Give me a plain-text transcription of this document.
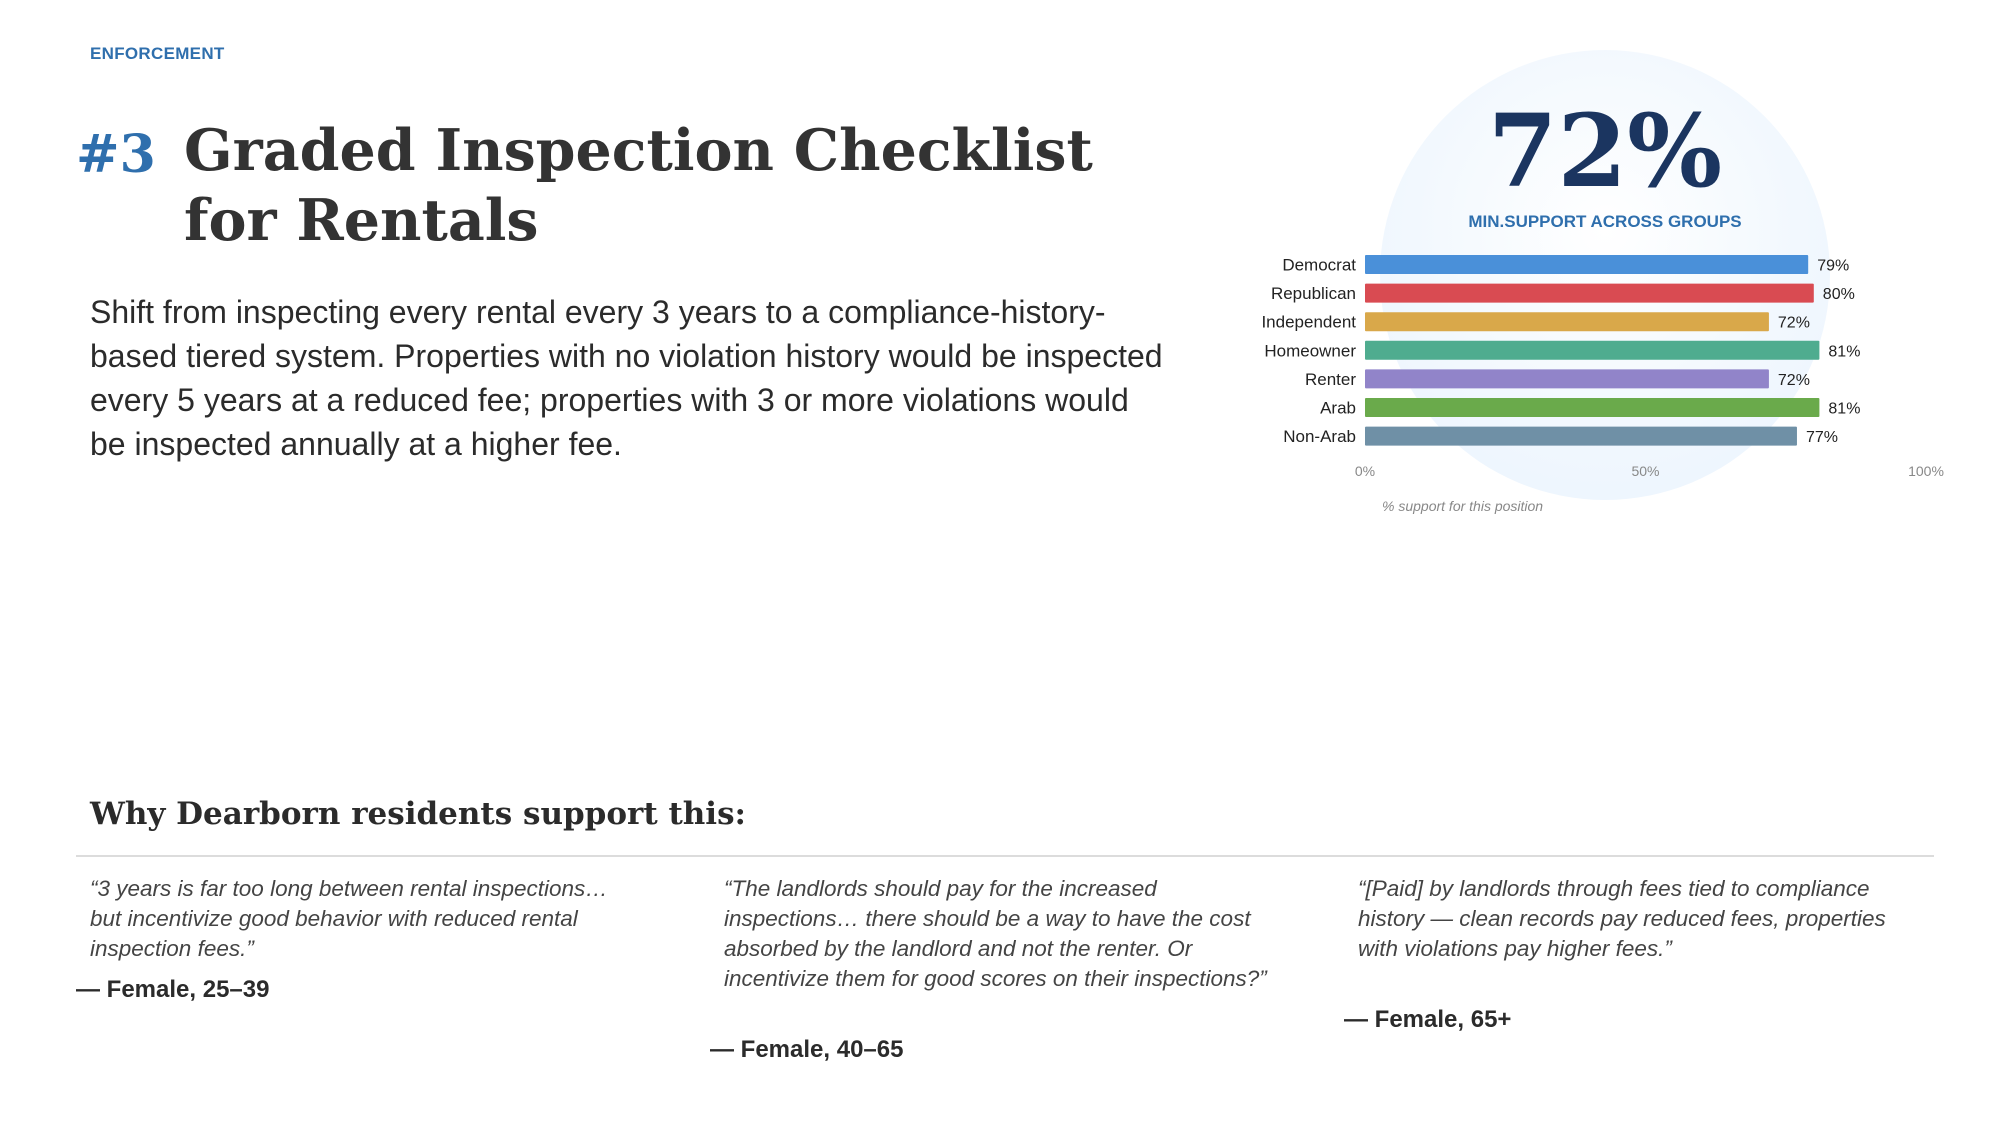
ENFORCEMENT
#3 Graded Inspection Checklist for Rentals
Shift from inspecting every rental every 3 years to a compliance-history-based tiered system. Properties with no violation history would be inspected every 5 years at a reduced fee; properties with 3 or more violations would be inspected annually at a higher fee.
72%
MIN.SUPPORT ACROSS GROUPS
Democrat	79%
Republican	80%
Independent	72%
Homeowner	81%
Renter	72%
Arab	81%
Non-Arab	77%
0%	50%	100%
% support for this position
Why Dearborn residents support this:
“3 years is far too long between rental inspections…
but incentivize good behavior with reduced rental
inspection fees.”
— Female, 25–39
“The landlords should pay for the increased
inspections… there should be a way to have the cost
absorbed by the landlord and not the renter. Or
incentivize them for good scores on their inspections?”
— Female, 40–65
“[Paid] by landlords through fees tied to compliance
history — clean records pay reduced fees, properties
with violations pay higher fees.”
— Female, 65+
